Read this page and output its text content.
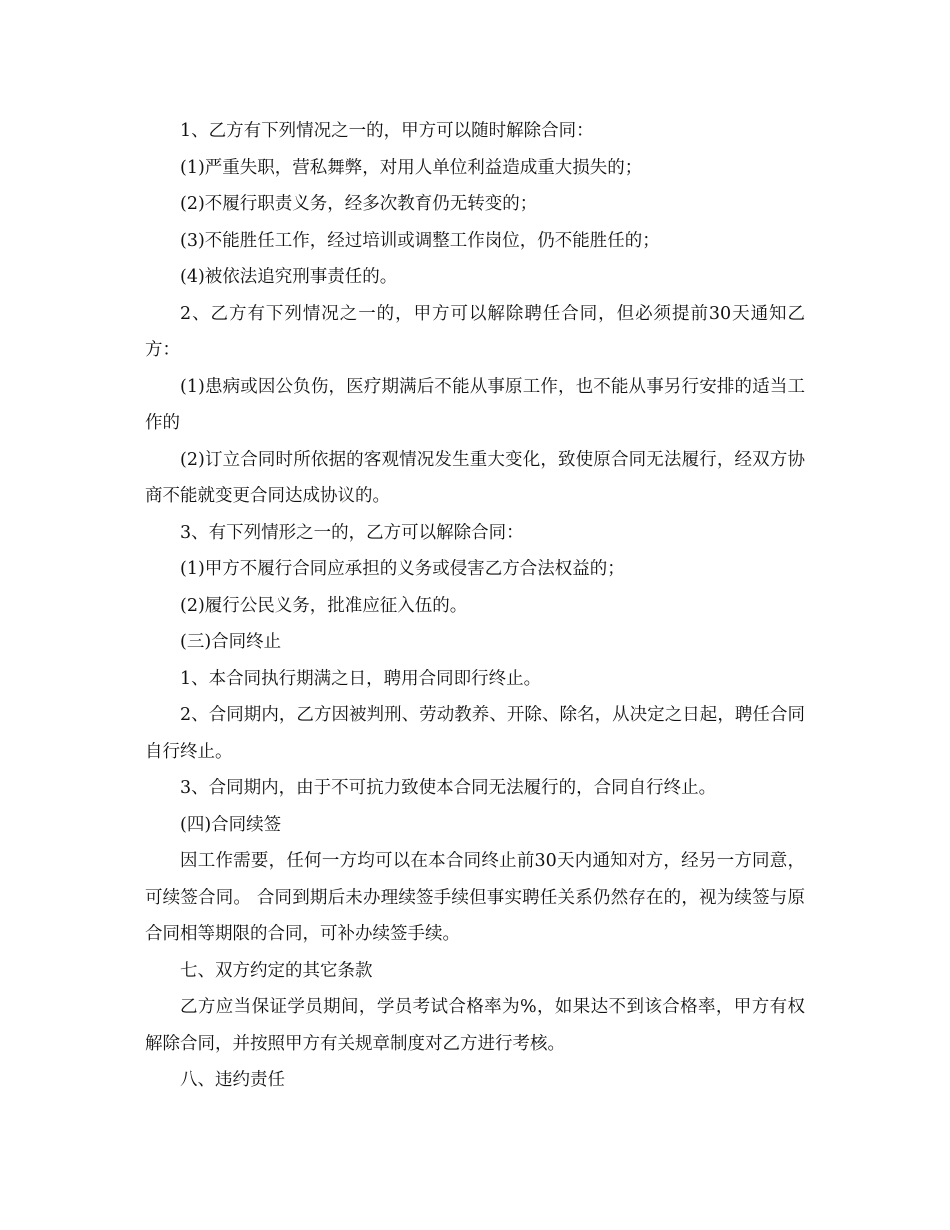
1、乙方有下列情况之一的，甲方可以随时解除合同：

(1)严重失职，营私舞弊，对用人单位利益造成重大损失的；

(2)不履行职责义务，经多次教育仍无转变的；

(3)不能胜任工作，经过培训或调整工作岗位，仍不能胜任的；

(4)被依法追究刑事责任的。

2、乙方有下列情况之一的，甲方可以解除聘任合同，但必须提前30天通知乙方：

(1)患病或因公负伤，医疗期满后不能从事原工作，也不能从事另行安排的适当工作的

(2)订立合同时所依据的客观情况发生重大变化，致使原合同无法履行，经双方协商不能就变更合同达成协议的。

3、有下列情形之一的，乙方可以解除合同：

(1)甲方不履行合同应承担的义务或侵害乙方合法权益的；

(2)履行公民义务，批准应征入伍的。

(三)合同终止

1、本合同执行期满之日，聘用合同即行终止。

2、合同期内，乙方因被判刑、劳动教养、开除、除名，从决定之日起，聘任合同自行终止。

3、合同期内，由于不可抗力致使本合同无法履行的，合同自行终止。

(四)合同续签

因工作需要，任何一方均可以在本合同终止前30天内通知对方，经另一方同意，可续签合同。 合同到期后未办理续签手续但事实聘任关系仍然存在的，视为续签与原合同相等期限的合同，可补办续签手续。

七、双方约定的其它条款

乙方应当保证学员期间，学员考试合格率为%，如果达不到该合格率，甲方有权解除合同，并按照甲方有关规章制度对乙方进行考核。

八、违约责任
